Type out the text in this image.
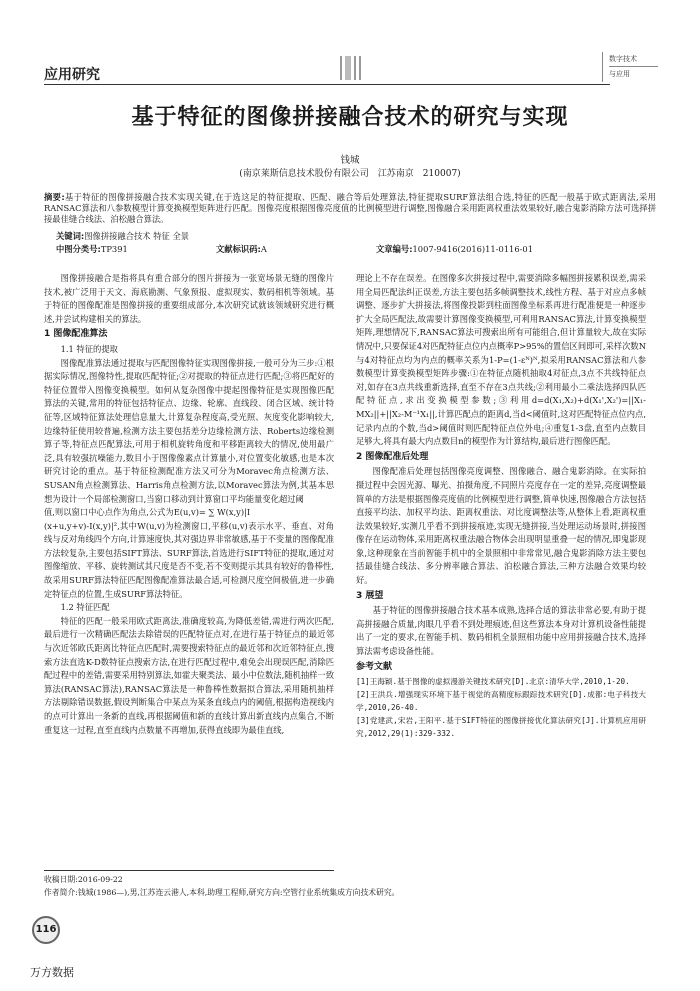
应用研究
数字技术
与应用
基于特征的图像拼接融合技术的研究与实现
钱城
(南京莱斯信息技术股份有限公司　江苏南京　210007)
摘要:基于特征的图像拼接融合技术实现关键,在于选这足的特征提取、匹配、融合等后处理算法,特征提取SURF算法组合选,特征的匹配一般基于欧式距离法,采用RANSAC算法和八参数模型计算变换模型矩阵进行匹配。图像亮度根据图像亮度值的比例模型进行调整,图像融合采用距离权重法效果较好,融合鬼影消除方法可选择拼接最佳缝合线法、泊松融合算法。
关键词:图像拼接融合技术 特征 全景
中图分类号:TP391	文献标识码:A	文章编号:1007-9416(2016)11-0116-01

图像拼接融合是指将具有重合部分的图片拼接为一张宽场景无缝的图像片技术,被广泛用于天文、海底勘测、气象预报、虚拟现实、数码相机等领域。基于特征的图像配准是图像拼接的重要组成部分,本次研究试就该领域研究进行概述,并尝试构建相关的算法。

1 图像配准算法
1.1 特征的提取

图像配准算法通过提取与匹配图像特征实现图像拼接,一般可分为三步:①根据实际情况,图像特性,提取匹配特征;②对提取的特征点进行匹配;③将匹配好的特征位置带入图像变换模型。如何从复杂图像中提起图像特征是实现图像匹配算法的关键,常用的特征包括特征点、边缘、轮廓、直线段、闭合区域、统计特征等,区域特征算法处理信息量大,计算复杂程度高,受光照、灰度变化影响较大,边缘特征使用较普遍,检测方法主要包括差分边缘检测方法、Roberts边缘检测算子等,特征点匹配算法,可用于相机旋转角度和平移距离较大的情况,使用最广泛,具有较强抗噪能力,数目小于图像像素点计算量小,对位置变化敏感,也是本次研究讨论的重点。基于特征检测配准方法又可分为Moravec角点检测方法、SUSAN角点检测算法、Harris角点检测方法,以Moravec算法为例,其基本思想为设计一个局部检测窗口,当窗口移动到计算窗口平均能量变化超过阈

值,则以窗口中心点作为角点,公式为E(u,v)= ∑ W(x,y)|I

(x+u,y+v)-I(x,y)|²,其中W(u,v)为检测窗口,平移(u,v)表示水平、垂直、对角线与反对角线四个方向,计算速度快,其对强边界非常敏感,基于不变量的图像配准方法较复杂,主要包括SIFT算法、SURF算法,首选进行SIFT特征的提取,通过对图像缩放、平移、旋转测试其尺度是否不变,若不变则提示其具有较好的鲁棒性,故采用SURF算法特征匹配图像配准算法最合适,可检测尺度空间极值,进一步确定特征点的位置,生成SURF算法特征。

1.2 特征匹配

特征的匹配一般采用欧式距离法,准确度较高,为降低差错,需进行两次匹配,最后进行一次精确匹配法去除错误的匹配特征点对,在进行基于特征点的最近邻与次近邻欧氏距离比特征点匹配时,需要搜索特征点的最近邻和次近邻特征点,搜索方法直选K-D数特征点搜索方法,在进行匹配过程中,难免会出现误匹配,消除匹配过程中的差错,需要采用特别算法,如霍夫聚类法、最小中位数法,随机抽样一致算法(RANSAC算法),RANSAC算法是一种鲁棒性数据拟合算法,采用随机抽样方法剔除错误数据,假设判断集合中某点为某条直线点内的阈值,根据构造视线内的点可计算出一条新的直线,再根据阈值和新的直线计算出新直线内点集合,不断重复这一过程,直至直线内点数量不再增加,获得直线即为最佳直线,

理论上不存在误差。在图像多次拼接过程中,需要消除多幅图拼接累积误差,需采用全局匹配法纠正误差,方法主要包括多帧调整技术,线性方程、基于对应点多帧调整、逐步扩大拼接法,将图像投影到柱面图像坐标系再进行配准便是一种逐步扩大全局匹配法,故需要计算图像变换模型,可利用RANSAC算法,计算变换模型矩阵,理想情况下,RANSAC算法可搜索出所有可能组合,但计算量较大,故在实际情况中,只要保证4对匹配特征点位内点概率P>95%的置信区间即可,采样次数N与4对特征点均为内点的概率关系为1-P=(1-εᴺ)ᴺ,拟采用RANSAC算法和八参数模型计算变换模型矩阵步骤:①在特征点随机抽取4对征点,3点不共线特征点对,如存在3点共线重新选择,直至不存在3点共线;②利用最小二乘法选择四队匹配特征点,求出变换模型参数;③利用d=d(X₁,X₂)+d(X₁',X₂')=||X₁-MX₂||+||X₂-M⁻¹X₁||,计算匹配点的距离d,当d<阈值时,这对匹配特征点位内点,记录内点的个数,当d>阈值时则匹配特征点位外电;④重复1-3盘,直至内点数目足够大,将具有最大内点数目n的模型作为计算结构,最后进行图像匹配。

2 图像配准后处理

图像配准后处理包括图像亮度调整、图像融合、融合鬼影消除。在实际拍摄过程中会因光源、曝光、拍摄角度,不同照片亮度存在一定的差异,亮度调整最简单的方法是根据图像亮度值的比例模型进行调整,简单快速,图像融合方法包括直接平均法、加权平均法、距离权重法、对比度调整法等,从整体上看,距离权重法效果较好,实测几乎看不到拼接痕迹,实现无缝拼接,当处理运动场景时,拼接图像存在运动物体,采用距离权重法融合物体会出现明显重叠一起的情况,即鬼影现象,这种现象在当前智能手机中的全景照相中非常常见,融合鬼影消除方法主要包括最佳缝合线法、多分辨率融合算法、泊松融合算法,三种方法融合效果均较好。

3 展望

基于特征的图像拼接融合技术基本成熟,选择合适的算法非常必要,有助于提高拼接融合质量,肉眼几乎看不到处理痕迹,但这些算法本身对计算机设备性能提出了一定的要求,在智能手机、数码相机全景照相功能中应用拼接融合技术,选择算法需考虑设备性能。

参考文献

[1]王海颖.基于图像的虚拟漫游关键技术研究[D].北京:清华大学,2010,1-20.

[2]王洪兵.增强现实环境下基于视觉的高精度标跟踪技术研究[D].成都:电子科技大学,2010,26-40.

[3]党建武,宋岩,王阳平.基于SIFT特征的图像拼接优化算法研究[J].计算机应用研究,2012,29(1):329-332.

收稿日期:2016-09-22
作者简介:钱城(1986—),男,江苏连云港人,本科,助理工程师,研究方向:空管行业系统集成方向技术研究。
116
万方数据
